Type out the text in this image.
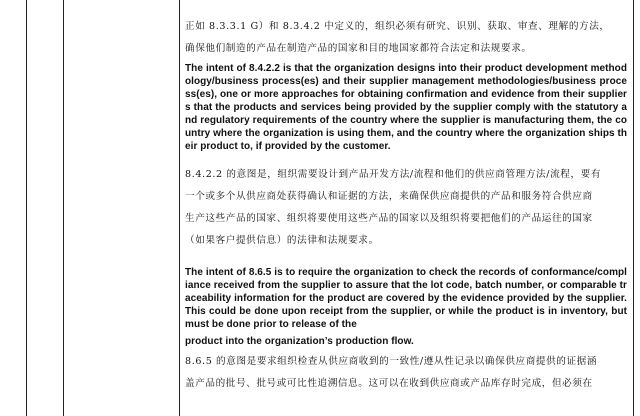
正如 8.3.3.1 G）和 8.3.4.2 中定义的，组织必须有研究、识别、获取、审查、理解的方法，
确保他们制造的产品在制造产品的国家和目的地国家都符合法定和法规要求。
The intent of 8.4.2.2 is that the organization designs into their product development methodology/business process(es) and their supplier management methodologies/business process(es), one or more approaches for obtaining confirmation and evidence from their suppliers that the products and services being provided by the supplier comply with the statutory and regulatory requirements of the country where the supplier is manufacturing them, the country where the organization is using them, and the country where the organization ships their product to, if provided by the customer.
8.4.2.2 的意图是，组织需要设计到产品开发方法/流程和他们的供应商管理方法/流程，要有
一个或多个从供应商处获得确认和证据的方法，来确保供应商提供的产品和服务符合供应商
生产这些产品的国家、组织将要使用这些产品的国家以及组织将要把他们的产品运往的国家
（如果客户提供信息）的法律和法规要求。
The intent of 8.6.5 is to require the organization to check the records of conformance/compliance received from the supplier to assure that the lot code, batch number, or comparable traceability information for the product are covered by the evidence provided by the supplier. This could be done upon receipt from the supplier, or while the product is in inventory, but must be done prior to release of the
product into the organization’s production flow.
8.6.5 的意图是要求组织检查从供应商收到的一致性/遵从性记录以确保供应商提供的证据涵
盖产品的批号、批号或可比性追溯信息。这可以在收到供应商或产品库存时完成，但必须在
